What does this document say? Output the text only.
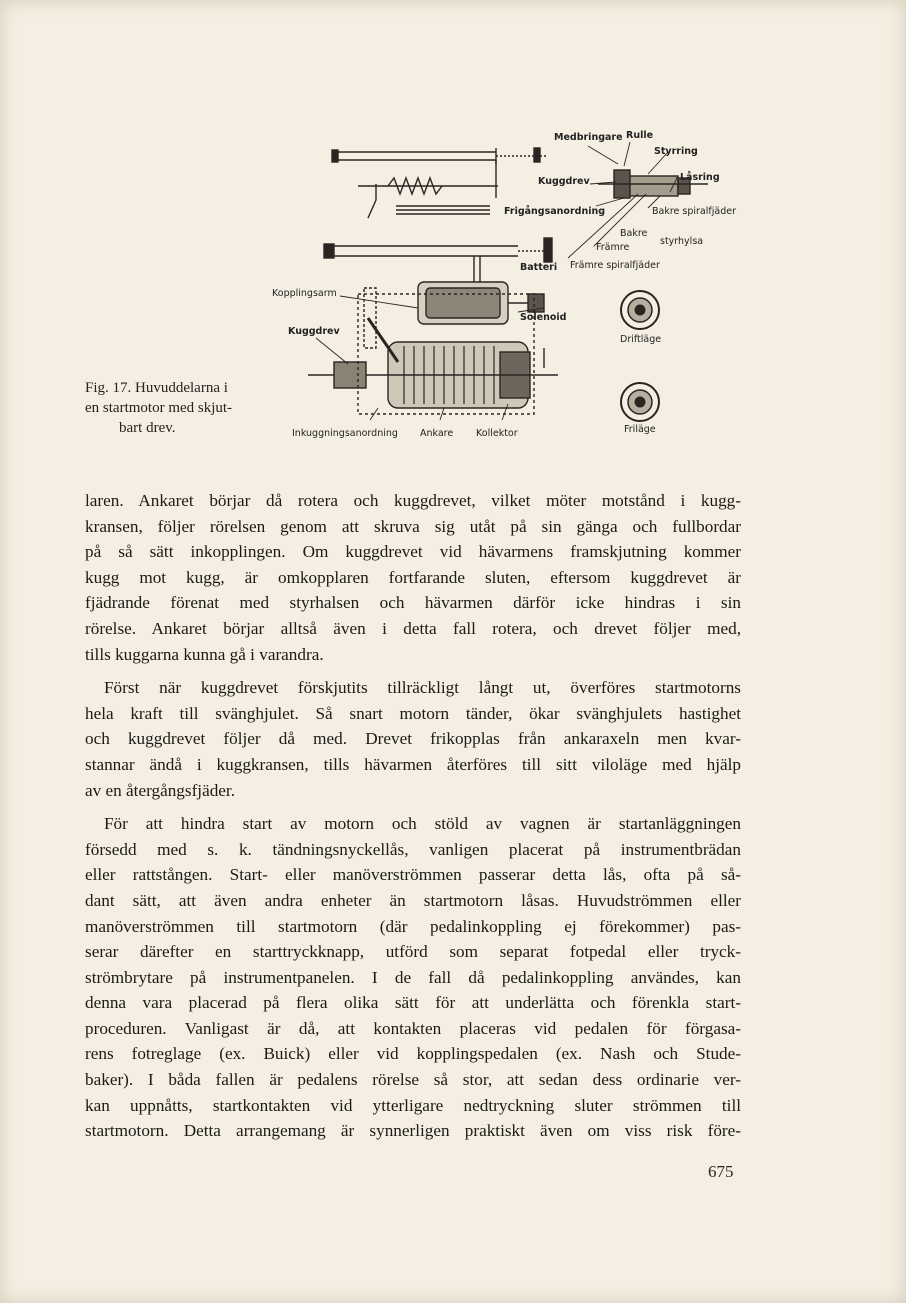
Medbringare Rulle
Styrring
Kuggdrev	Låsring
Frigångsanordning	Bakre spiralfjäder
Bakre
styrhylsa
Främre
Batteri Främre spiralfjäder
Kopplingsarm
Solenoid
Kuggdrev
Driftläge
Friläge
Inkuggningsanordning Ankare Kollektor
Fig. 17. Huvuddelarna i
en startmotor med skjut-
bart drev.
laren. Ankaret börjar då rotera och kuggdrevet, vilket möter motstånd i kugg-
kransen, följer rörelsen genom att skruva sig utåt på sin gänga och fullbordar
på så sätt inkopplingen. Om kuggdrevet vid hävarmens framskjutning kommer
kugg mot kugg, är omkopplaren fortfarande sluten, eftersom kuggdrevet är
fjädrande förenat med styrhalsen och hävarmen därför icke hindras i sin
rörelse. Ankaret börjar alltså även i detta fall rotera, och drevet följer med,
tills kuggarna kunna gå i varandra.
Först när kuggdrevet förskjutits tillräckligt långt ut, överföres startmotorns
hela kraft till svänghjulet. Så snart motorn tänder, ökar svänghjulets hastighet
och kuggdrevet följer då med. Drevet frikopplas från ankaraxeln men kvar-
stannar ändå i kuggkransen, tills hävarmen återföres till sitt viloläge med hjälp
av en återgångsfjäder.
För att hindra start av motorn och stöld av vagnen är startanläggningen
försedd med s. k. tändningsnyckellås, vanligen placerat på instrumentbrädan
eller rattstången. Start- eller manöverströmmen passerar detta lås, ofta på så-
dant sätt, att även andra enheter än startmotorn låsas. Huvudströmmen eller
manöverströmmen till startmotorn (där pedalinkoppling ej förekommer) pas-
serar därefter en starttryckknapp, utförd som separat fotpedal eller tryck-
strömbrytare på instrumentpanelen. I de fall då pedalinkoppling användes, kan
denna vara placerad på flera olika sätt för att underlätta och förenkla start-
proceduren. Vanligast är då, att kontakten placeras vid pedalen för förgasa-
rens fotreglage (ex. Buick) eller vid kopplingspedalen (ex. Nash och Stude-
baker). I båda fallen är pedalens rörelse så stor, att sedan dess ordinarie ver-
kan uppnåtts, startkontakten vid ytterligare nedtryckning sluter strömmen till
startmotorn. Detta arrangemang är synnerligen praktiskt även om viss risk före-
675
